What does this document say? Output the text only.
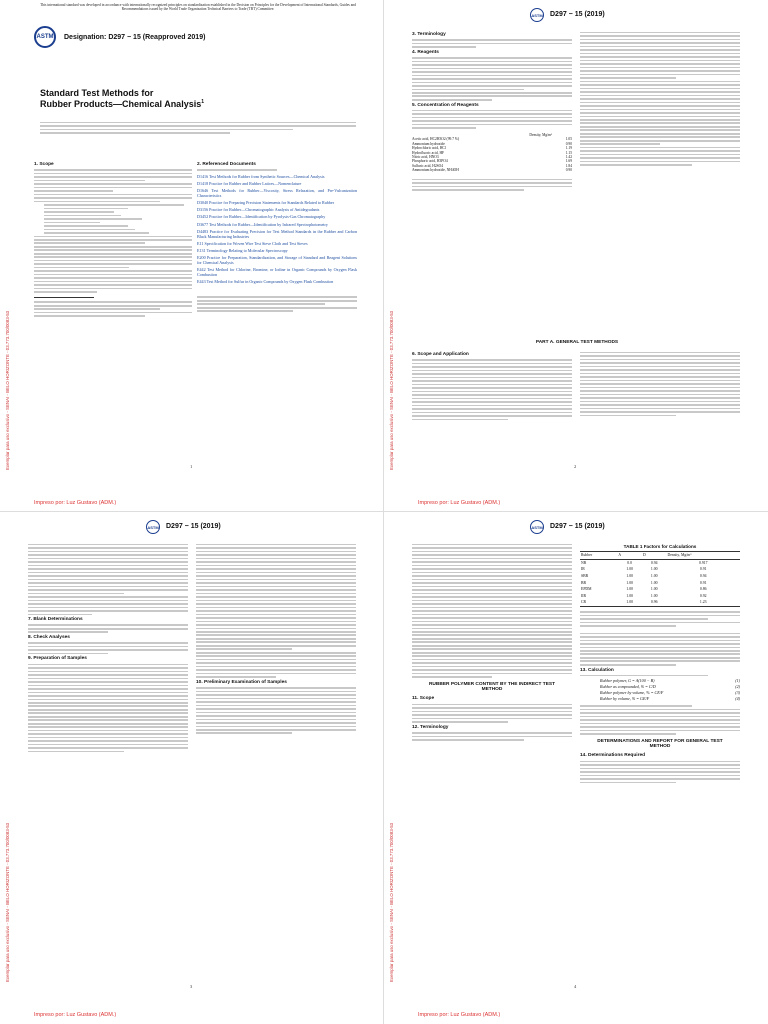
Exemplar para uso exclusivo - SENAI - BELO HORIZONTE - 03.773.700/0083-53
This international standard was developed in accordance with internationally recognized principles on standardization established in the Decision on Principles for the Development of International Standards, Guides and Recommendations issued by the World Trade Organization Technical Barriers to Trade (TBT) Committee.
ASTM	Designation: D297 − 15 (Reapproved 2019)
Standard Test Methods for
Rubber Products—Chemical Analysis$^1$
1. Scope	2. Referenced Documents
D1416 Test Methods for Rubber from Synthetic Sources—Chemical Analysis
D1418 Practice for Rubber and Rubber Latices—Nomenclature
D1646 Test Methods for Rubber—Viscosity, Stress Relaxation, and Pre-Vulcanization Characteristics
D3040 Practice for Preparing Precision Statements for Standards Related to Rubber
D3156 Practice for Rubber—Chromatographic Analysis of Antidegradants
D3452 Practice for Rubber—Identification by Pyrolysis-Gas Chromatography
D3677 Test Methods for Rubber—Identification by Infrared Spectrophotometry
D4483 Practice for Evaluating Precision for Test Method Standards in the Rubber and Carbon Black Manufacturing Industries
E11 Specification for Woven Wire Test Sieve Cloth and Test Sieves
E131 Terminology Relating to Molecular Spectroscopy
E200 Practice for Preparation, Standardization, and Storage of Standard and Reagent Solutions for Chemical Analysis
E442 Test Method for Chlorine, Bromine, or Iodine in Organic Compounds by Oxygen Flask Combustion
E443 Test Method for Sulfur in Organic Compounds by Oxygen Flask Combustion
1
Impreso por: Luz Gustavo (ADM.)
Exemplar para uso exclusivo - SENAI - BELO HORIZONTE - 03.773.700/0083-53
ASTM D297 − 15 (2019)
3. Terminology
4. Reagents
5. Concentration of Reagents
Density, Mg/m³
Acetic acid, HC2H3O2 (99.7 %)	1.05
Ammonium hydroxide	0.90
Hydrochloric acid, HCl	1.19
Hydrofluoric acid, HF	1.15
Nitric acid, HNO3	1.42
Phosphoric acid, H3PO4	1.69
Sulfuric acid, H2SO4	1.84
Ammonium hydroxide, NH4OH	0.90
PART A. GENERAL TEST METHODS
6. Scope and Application
2
Impreso por: Luz Gustavo (ADM.)
Exemplar para uso exclusivo - SENAI - BELO HORIZONTE - 03.773.700/0083-53
ASTM D297 − 15 (2019)
7. Blank Determinations
8. Check Analyses
9. Preparation of Samples
10. Preliminary Examination of Samples
3
Impreso por: Luz Gustavo (ADM.)
Exemplar para uso exclusivo - SENAI - BELO HORIZONTE - 03.773.700/0083-53
ASTM D297 − 15 (2019)
RUBBER POLYMER CONTENT BY THE INDIRECT TEST METHOD
11. Scope
12. Terminology
TABLE 1 Factors for Calculations
Rubber	A	D	Density, Mg/m³
NR	0.0	0.94	0.917
IR	1.00	1.00	0.91
SBR	1.00	1.00	0.94
BR	1.00	1.00	0.91
EPDM	1.00	1.00	0.86
IIR	1.00	1.00	0.92
CR	1.00	0.96	1.23
13. Calculation
Rubber polymer, G = A(100 − B)	(1)
Rubber as compounded, % = C/D	(2)
Rubber polymer by volume, % = CE/F	(3)
Rubber by volume, % = GE/F	(4)
DETERMINATIONS AND REPORT FOR GENERAL TEST METHOD
14. Determinations Required
4
Impreso por: Luz Gustavo (ADM.)
